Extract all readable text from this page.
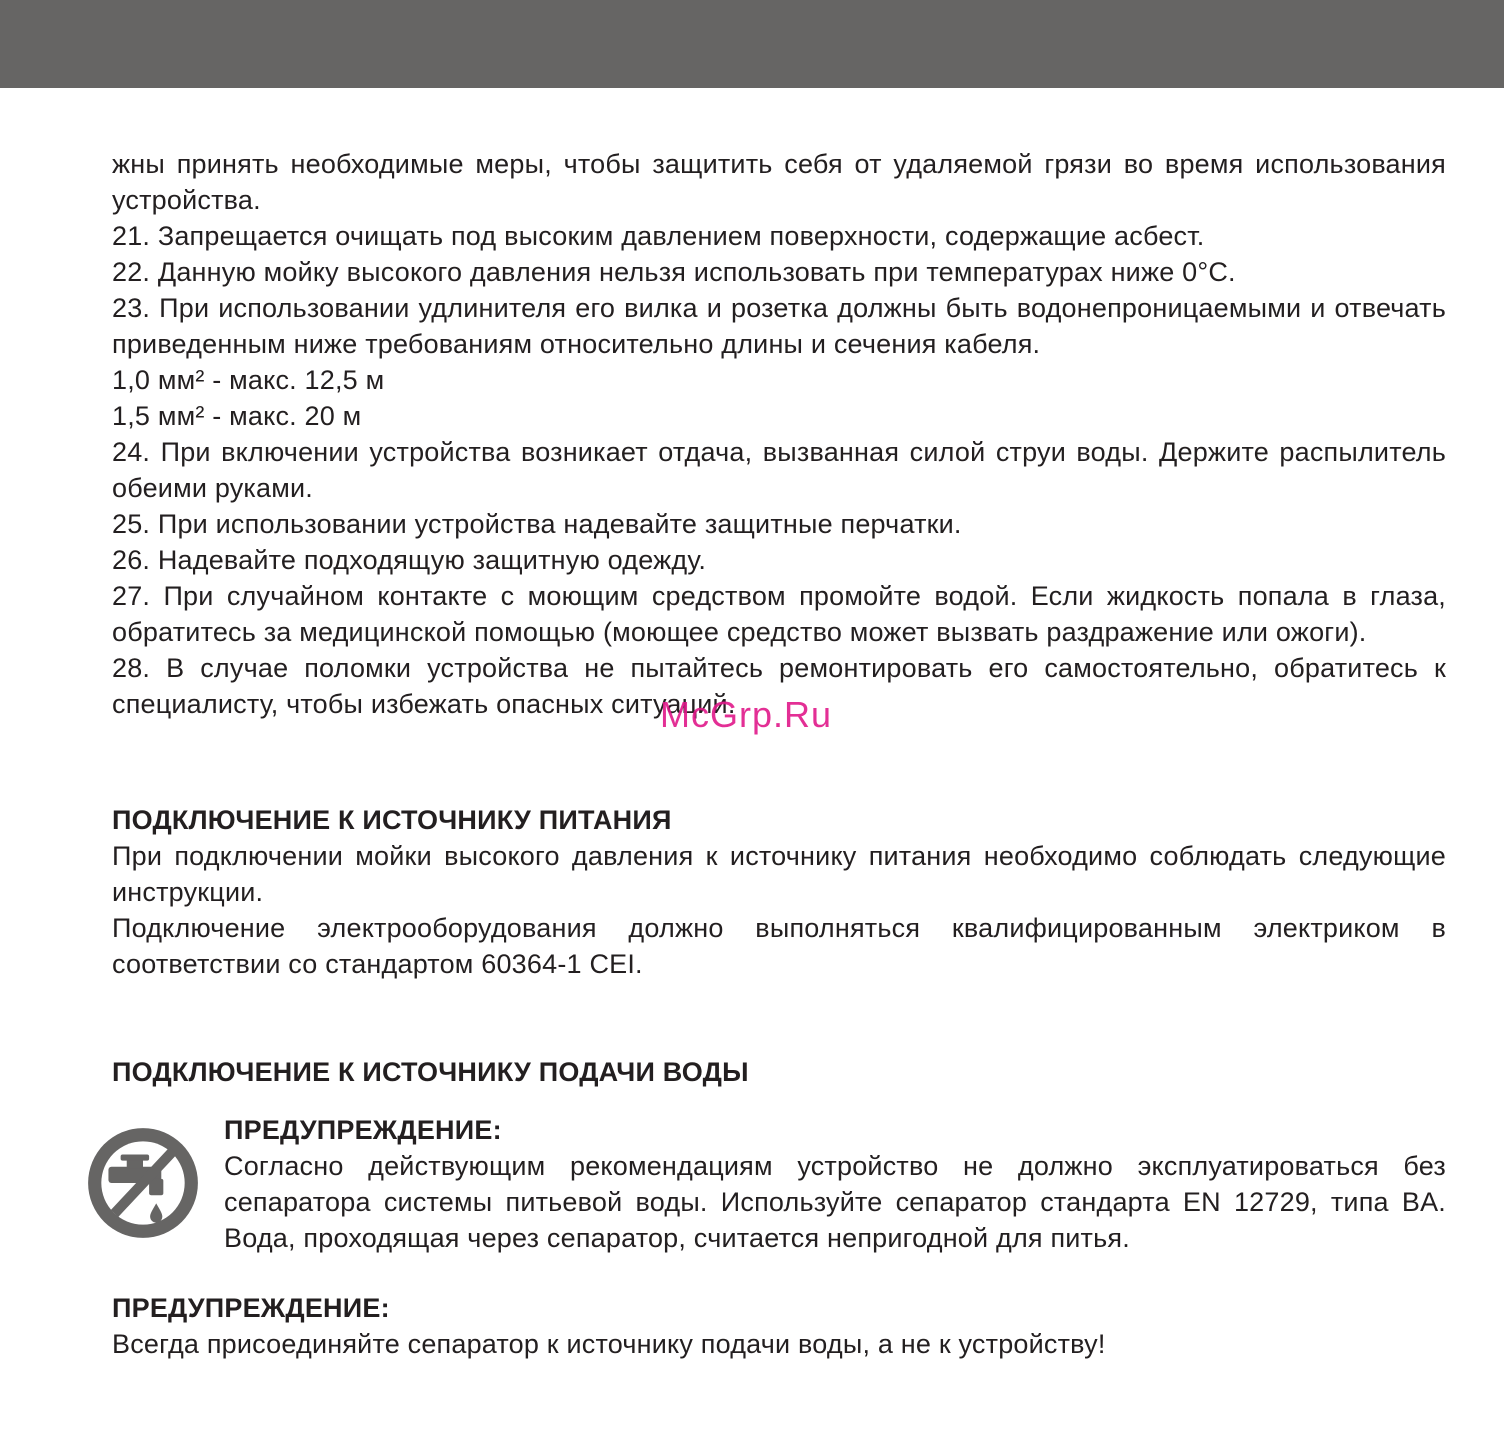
жны принять необходимые меры, чтобы защитить себя от удаляемой грязи во время использования устройства.

21. Запрещается очищать под высоким давлением поверхности, содержащие асбест.

22. Данную мойку высокого давления нельзя использовать при температурах ниже 0°С.

23. При использовании удлинителя его вилка и розетка должны быть водонепроницаемыми и отвечать приведенным ниже требованиям относительно длины и сечения кабеля.

1,0 мм² - макс. 12,5 м

1,5 мм² - макс. 20 м

24. При включении устройства возникает отдача, вызванная силой струи воды. Держите распылитель обеими руками.

25. При использовании устройства надевайте защитные перчатки.

26. Надевайте подходящую защитную одежду.

27. При случайном контакте с моющим средством промойте водой. Если жидкость попала в глаза, обратитесь за медицинской помощью (моющее средство может вызвать раздражение или ожоги).

28. В случае поломки устройства не пытайтесь ремонтировать его самостоятельно, обратитесь к специалисту, чтобы избежать опасных ситуаций.

ПОДКЛЮЧЕНИЕ К ИСТОЧНИКУ ПИТАНИЯ

При подключении мойки высокого давления к источнику питания необходимо соблюдать следующие инструкции.

Подключение электрооборудования должно выполняться квалифицированным электриком в соответствии со стандартом 60364-1 CEI.

ПОДКЛЮЧЕНИЕ К ИСТОЧНИКУ ПОДАЧИ ВОДЫ

ПРЕДУПРЕЖДЕНИЕ:

Согласно действующим рекомендациям устройство не должно эксплуатироваться без сепаратора системы питьевой воды. Используйте сепаратор стандарта EN 12729, типа BA. Вода, проходящая через сепаратор, считается непригодной для питья.

ПРЕДУПРЕЖДЕНИЕ:

Всегда присоединяйте сепаратор к источнику подачи воды, а не к устройству!

McGrp.Ru
